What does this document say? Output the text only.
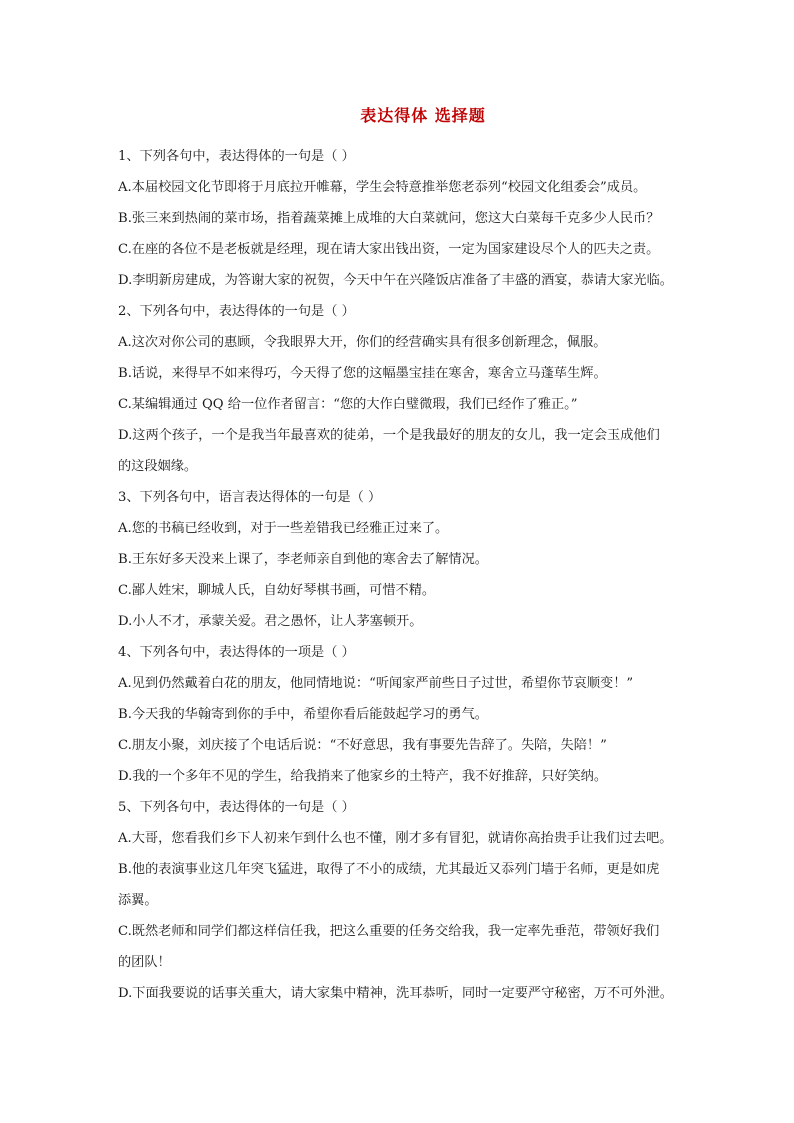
表达得体 选择题
1、下列各句中，表达得体的一句是（ ）
A.本届校园文化节即将于月底拉开帷幕，学生会特意推举您老忝列“校园文化组委会”成员。
B.张三来到热闹的菜市场，指着蔬菜摊上成堆的大白菜就问，您这大白菜每千克多少人民币？
C.在座的各位不是老板就是经理，现在请大家出钱出资，一定为国家建设尽个人的匹夫之责。
D.李明新房建成，为答谢大家的祝贺，今天中午在兴隆饭店准备了丰盛的酒宴，恭请大家光临。
2、下列各句中，表达得体的一句是（ ）
A.这次对你公司的惠顾，令我眼界大开，你们的经营确实具有很多创新理念，佩服。
B.话说，来得早不如来得巧，今天得了您的这幅墨宝挂在寒舍，寒舍立马蓬荜生辉。
C.某编辑通过 QQ 给一位作者留言：“您的大作白璧微瑕，我们已经作了雅正。”
D.这两个孩子，一个是我当年最喜欢的徒弟，一个是我最好的朋友的女儿，我一定会玉成他们
的这段姻缘。
3、下列各句中，语言表达得体的一句是（ ）
A.您的书稿已经收到，对于一些差错我已经雅正过来了。
B.王东好多天没来上课了，李老师亲自到他的寒舍去了解情况。
C.鄙人姓宋，聊城人氏，自幼好琴棋书画，可惜不精。
D.小人不才，承蒙关爱。君之愚怀，让人茅塞顿开。
4、下列各句中，表达得体的一项是（ ）
A.见到仍然戴着白花的朋友，他同情地说：“听闻家严前些日子过世，希望你节哀顺变！”
B.今天我的华翰寄到你的手中，希望你看后能鼓起学习的勇气。
C.朋友小聚，刘庆接了个电话后说：“不好意思，我有事要先告辞了。失陪，失陪！”
D.我的一个多年不见的学生，给我捎来了他家乡的土特产，我不好推辞，只好笑纳。
5、下列各句中，表达得体的一句是（ ）
A.大哥，您看我们乡下人初来乍到什么也不懂，刚才多有冒犯，就请你高抬贵手让我们过去吧。
B.他的表演事业这几年突飞猛进，取得了不小的成绩，尤其最近又忝列门墙于名师，更是如虎
添翼。
C.既然老师和同学们都这样信任我，把这么重要的任务交给我，我一定率先垂范，带领好我们
的团队！
D.下面我要说的话事关重大，请大家集中精神，洗耳恭听，同时一定要严守秘密，万不可外泄。
